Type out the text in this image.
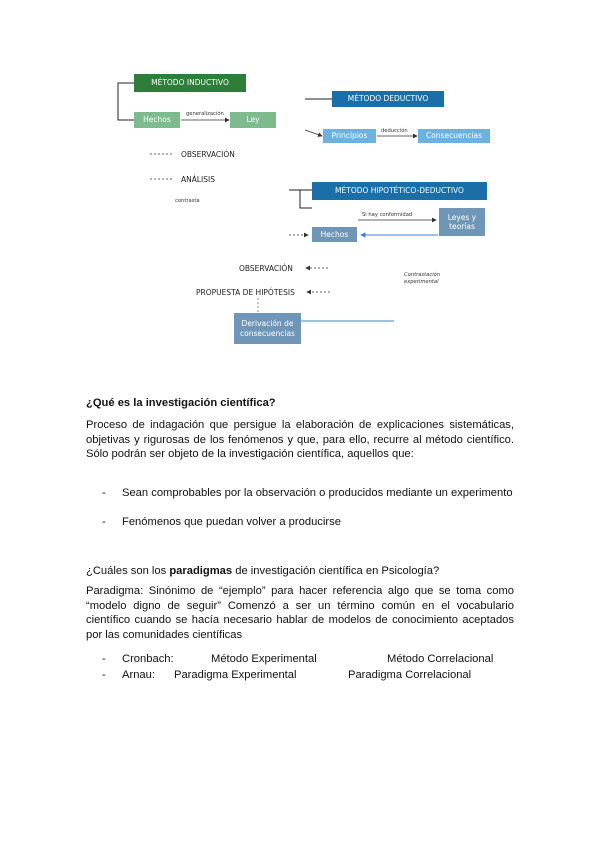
MÉTODO INDUCTIVO
Hechos
generalización
Ley
OBSERVACIÓN
ANÁLISIS
contrasta
MÉTODO DEDUCTIVO
Principios
deducción
Consecuencias
MÉTODO HIPOTÉTICO-DEDUCTIVO
Si hay conformidad	Leyes y teorías
Hechos
OBSERVACIÓN
Contrastación experimental
PROPUESTA DE HIPÓTESIS
Derivación de consecuencias
¿Qué es la investigación científica?
Proceso de indagación que persigue la elaboración de explicaciones sistemáticas, objetivas y rigurosas de los fenómenos y que, para ello, recurre al método científico. Sólo podrán ser objeto de la investigación científica, aquellos que:
- Sean comprobables por la observación o producidos mediante un experimento
- Fenómenos que puedan volver a producirse
¿Cuáles son los paradigmas de investigación científica en Psicología?
Paradigma: Sinónimo de “ejemplo” para hacer referencia algo que se toma como “modelo digno de seguir” Comenzó a ser un término común en el vocabulario científico cuando se hacía necesario hablar de modelos de conocimiento aceptados por las comunidades científicas
- Cronbach:	Método Experimental	Método Correlacional
- Arnau: Paradigma Experimental	Paradigma Correlacional
